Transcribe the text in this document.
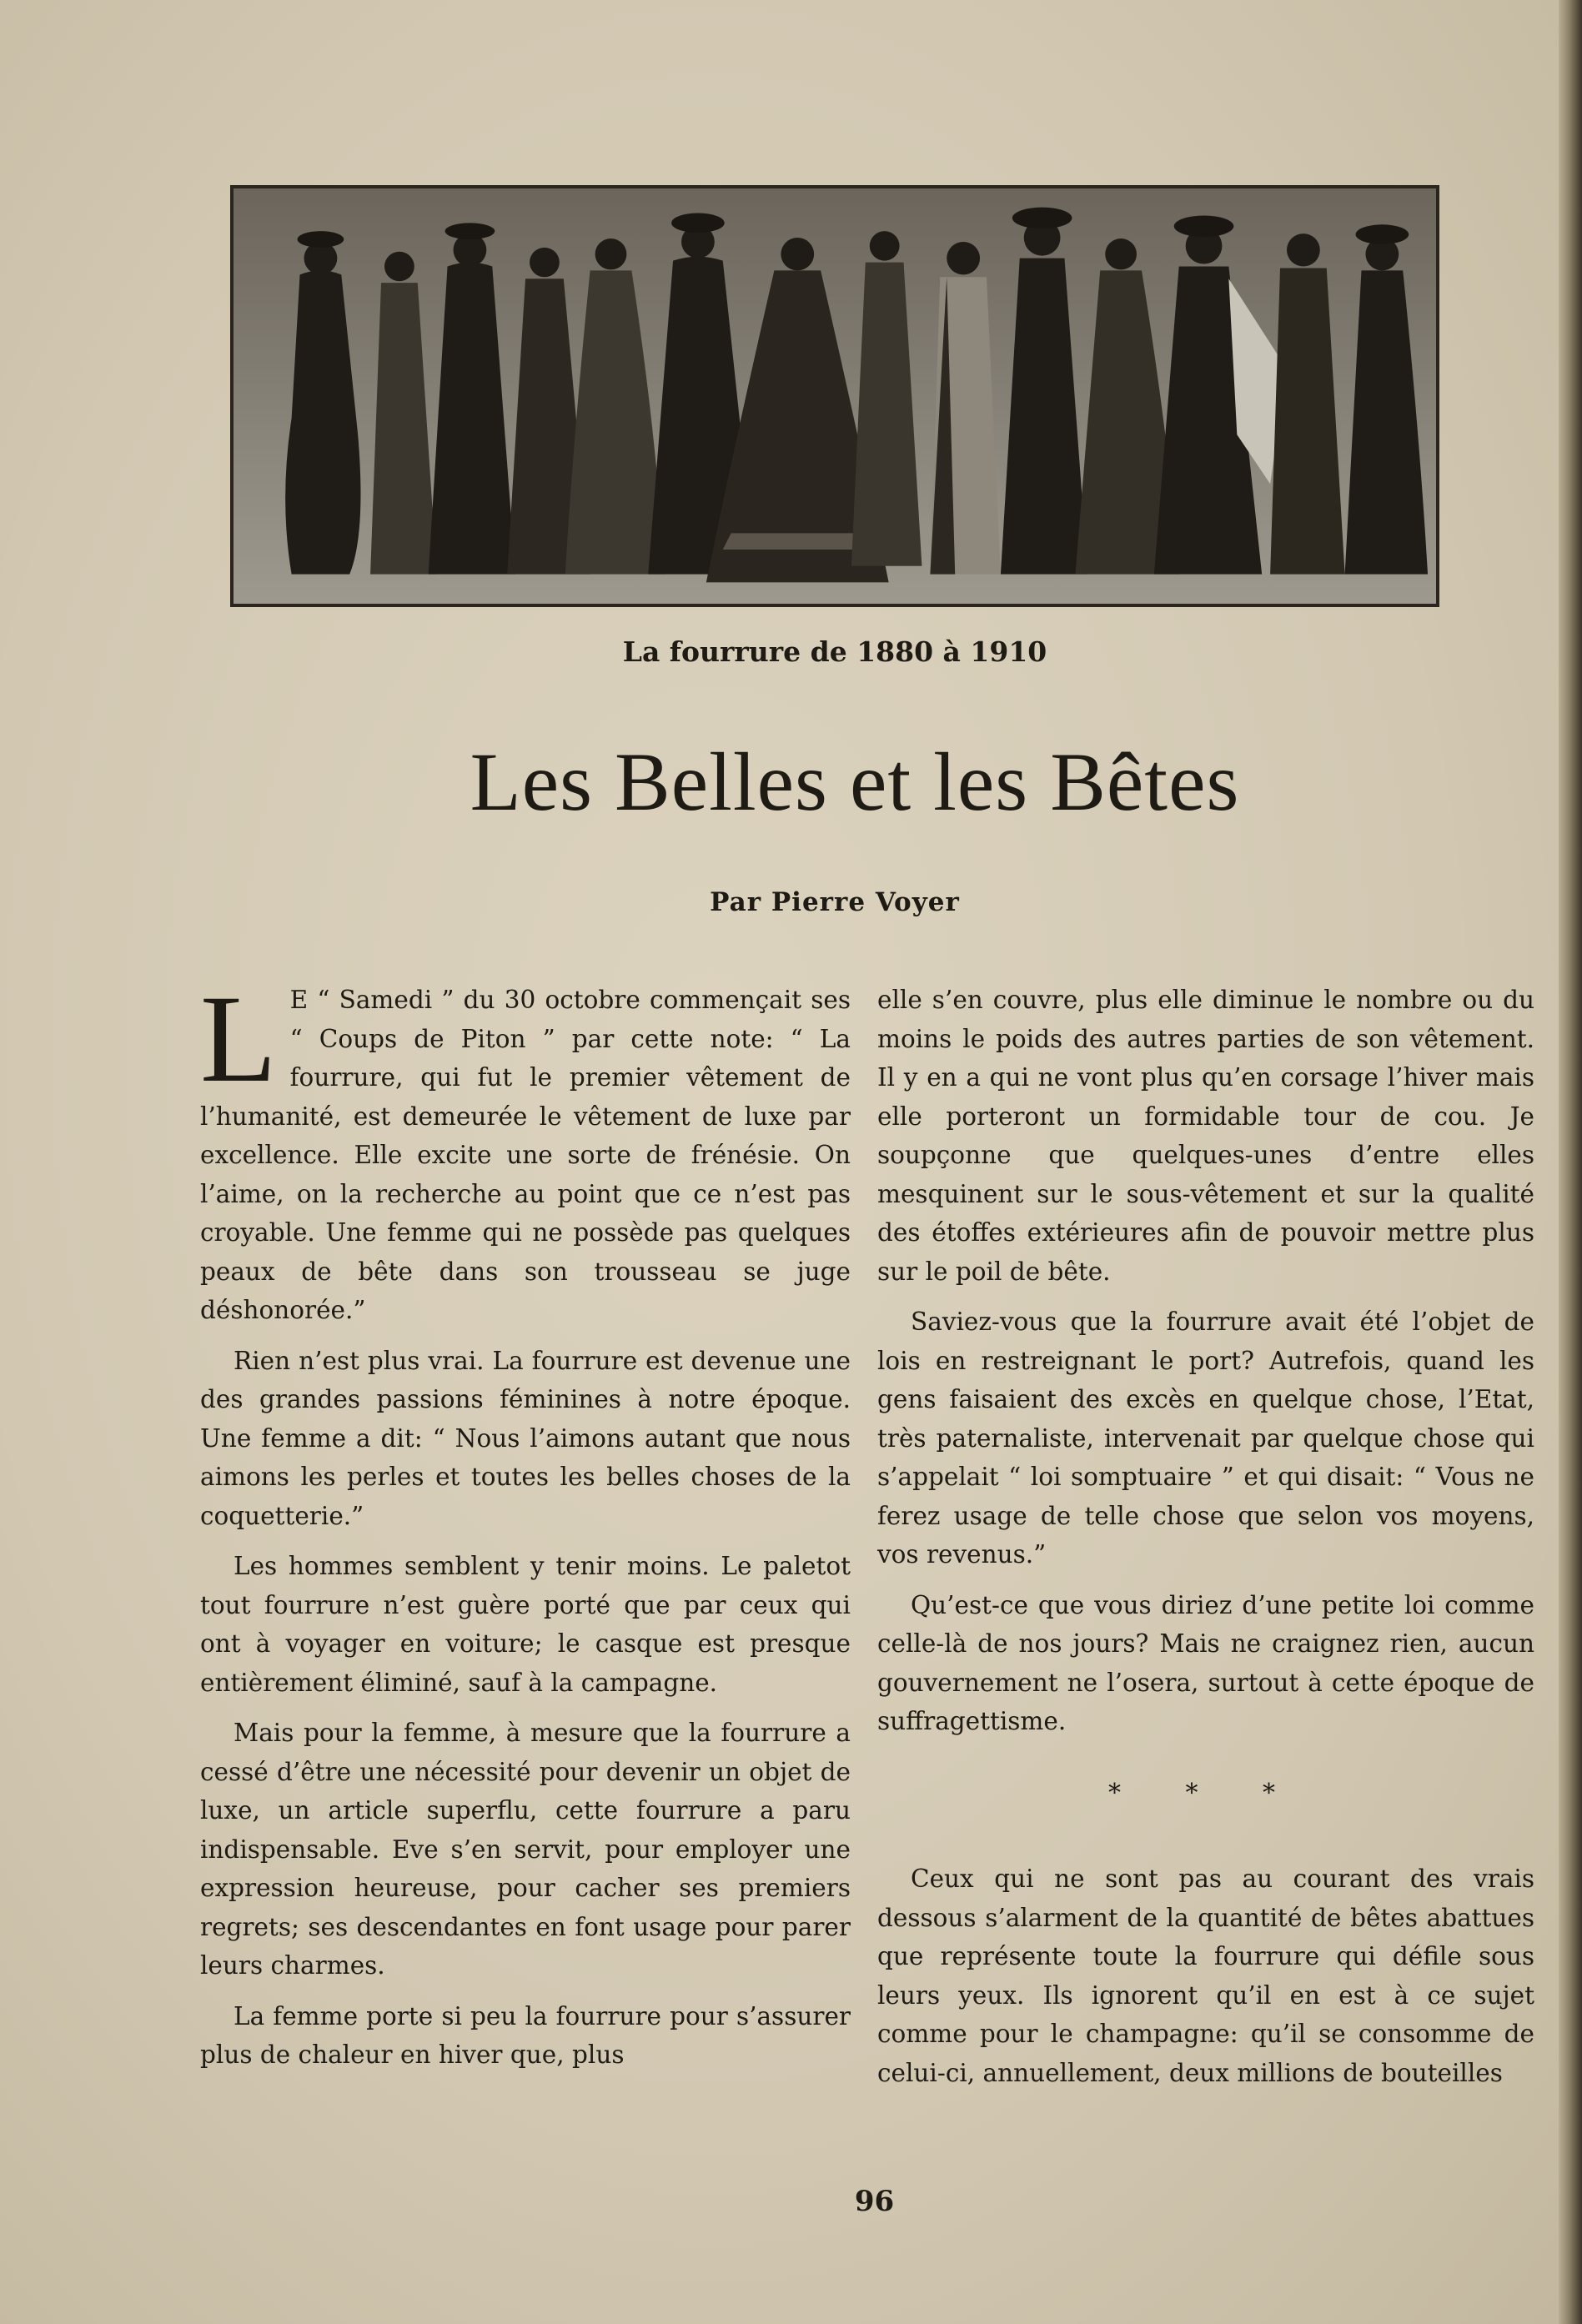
La fourrure de 1880 à 1910
Les Belles et les Bêtes
Par Pierre Voyer

L E “ Samedi ” du 30 octobre commençait ses “ Coups de Piton ” par cette note: “ La fourrure, qui fut le premier vêtement de l’humanité, est demeurée le vêtement de luxe par excellence. Elle excite une sorte de frénésie. On l’aime, on la recherche au point que ce n’est pas croyable. Une femme qui ne possède pas quelques peaux de bête dans son trousseau se juge déshonorée.”

Rien n’est plus vrai. La fourrure est devenue une des grandes passions féminines à notre époque. Une femme a dit: “ Nous l’aimons autant que nous aimons les perles et toutes les belles choses de la coquetterie.”

Les hommes semblent y tenir moins. Le paletot tout fourrure n’est guère porté que par ceux qui ont à voyager en voiture; le casque est presque entièrement éliminé, sauf à la campagne.

Mais pour la femme, à mesure que la fourrure a cessé d’être une nécessité pour devenir un objet de luxe, un article superflu, cette fourrure a paru indispensable. Eve s’en servit, pour employer une expression heureuse, pour cacher ses premiers regrets; ses descendantes en font usage pour parer leurs charmes.

La femme porte si peu la fourrure pour s’assurer plus de chaleur en hiver que, plus

elle s’en couvre, plus elle diminue le nombre ou du moins le poids des autres parties de son vêtement. Il y en a qui ne vont plus qu’en corsage l’hiver mais elle porteront un formidable tour de cou. Je soupçonne que quelques-unes d’entre elles mesquinent sur le sous-vêtement et sur la qualité des étoffes extérieures afin de pouvoir mettre plus sur le poil de bête.

Saviez-vous que la fourrure avait été l’objet de lois en restreignant le port? Autrefois, quand les gens faisaient des excès en quelque chose, l’Etat, très paternaliste, intervenait par quelque chose qui s’appelait “ loi somptuaire ” et qui disait: “ Vous ne ferez usage de telle chose que selon vos moyens, vos revenus.”

Qu’est-ce que vous diriez d’une petite loi comme celle-là de nos jours? Mais ne craignez rien, aucun gouvernement ne l’osera, surtout à cette époque de suffragettisme.

* * *

Ceux qui ne sont pas au courant des vrais dessous s’alarment de la quantité de bêtes abattues que représente toute la fourrure qui défile sous leurs yeux. Ils ignorent qu’il en est à ce sujet comme pour le champagne: qu’il se consomme de celui-ci, annuellement, deux millions de bouteilles

96
